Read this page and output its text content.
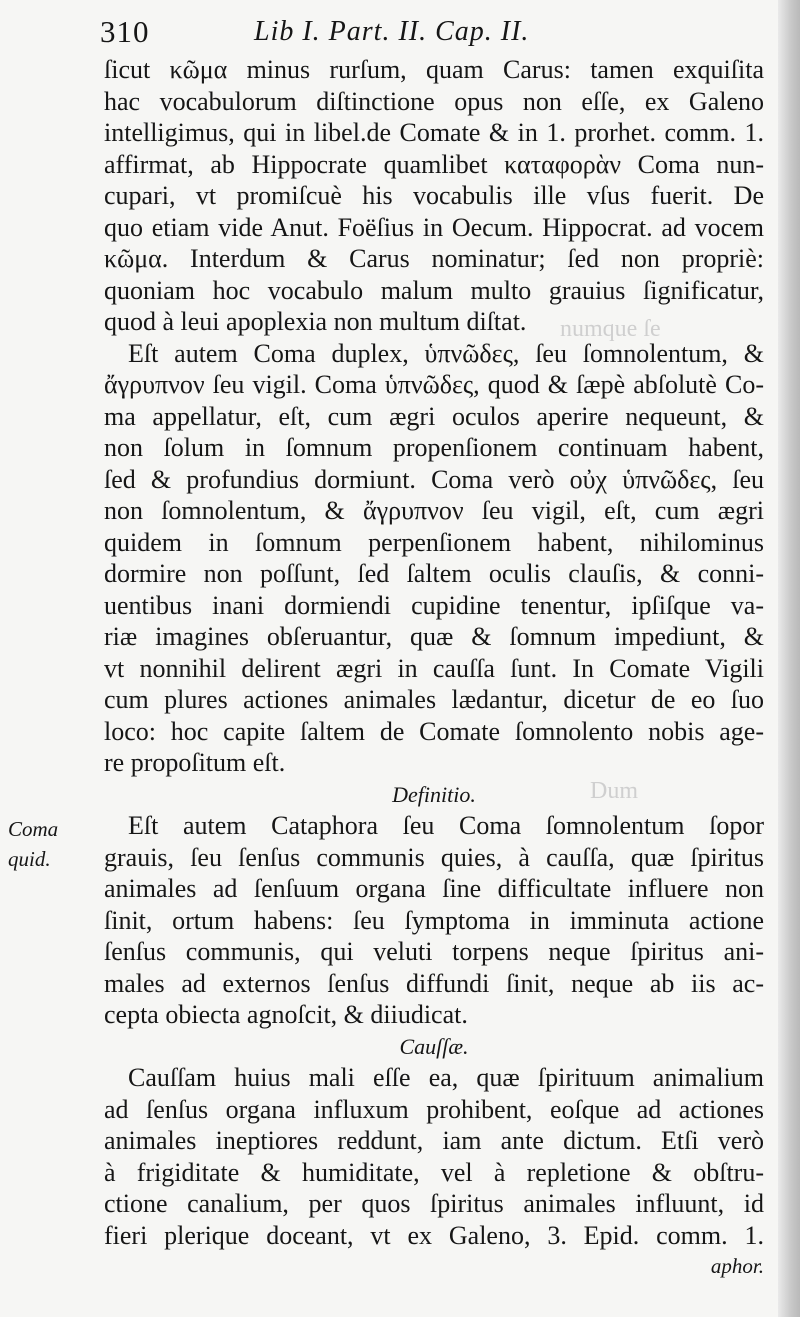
numque ſe
Dum
310	Lib I. Part. II. Cap. II.
Coma
quid.
ſicut κῶμα minus rurſum, quam Carus: tamen exquiſita
hac vocabulorum diſtinctione opus non eſſe, ex Galeno
intelligimus, qui in libel.de Comate & in 1. prorhet. comm. 1.
affirmat, ab Hippocrate quamlibet καταφορὰν Coma nun-
cupari, vt promiſcuè his vocabulis ille vſus fuerit. De
quo etiam vide Anut. Foëſius in Oecum. Hippocrat. ad vocem
κῶμα. Interdum & Carus nominatur; ſed non propriè:
quoniam hoc vocabulo malum multo grauius ſignificatur,
quod à leui apoplexia non multum diſtat.
Eſt autem Coma duplex, ὑπνῶδες, ſeu ſomnolentum, &
ἄγρυπνον ſeu vigil. Coma ὑπνῶδες, quod & ſæpè abſolutè Co-
ma appellatur, eſt, cum ægri oculos aperire nequeunt, &
non ſolum in ſomnum propenſionem continuam habent,
ſed & profundius dormiunt. Coma verò οὐχ ὑπνῶδες, ſeu
non ſomnolentum, & ἄγρυπνον ſeu vigil, eſt, cum ægri
quidem in ſomnum perpenſionem habent, nihilominus
dormire non poſſunt, ſed ſaltem oculis clauſis, & conni-
uentibus inani dormiendi cupidine tenentur, ipſiſque va-
riæ imagines obſeruantur, quæ & ſomnum impediunt, &
vt nonnihil delirent ægri in cauſſa ſunt. In Comate Vigili
cum plures actiones animales lædantur, dicetur de eo ſuo
loco: hoc capite ſaltem de Comate ſomnolento nobis age-
re propoſitum eſt.
Definitio.
Eſt autem Cataphora ſeu Coma ſomnolentum ſopor
grauis, ſeu ſenſus communis quies, à cauſſa, quæ ſpiritus
animales ad ſenſuum organa ſine difficultate influere non
ſinit, ortum habens: ſeu ſymptoma in imminuta actione
ſenſus communis, qui veluti torpens neque ſpiritus ani-
males ad externos ſenſus diffundi ſinit, neque ab iis ac-
cepta obiecta agnoſcit, & diiudicat.
Cauſſæ.
Cauſſam huius mali eſſe ea, quæ ſpirituum animalium
ad ſenſus organa influxum prohibent, eoſque ad actiones
animales ineptiores reddunt, iam ante dictum. Etſi verò
à frigiditate & humiditate, vel à repletione & obſtru-
ctione canalium, per quos ſpiritus animales influunt, id
fieri plerique doceant, vt ex Galeno, 3. Epid. comm. 1.
aphor.
